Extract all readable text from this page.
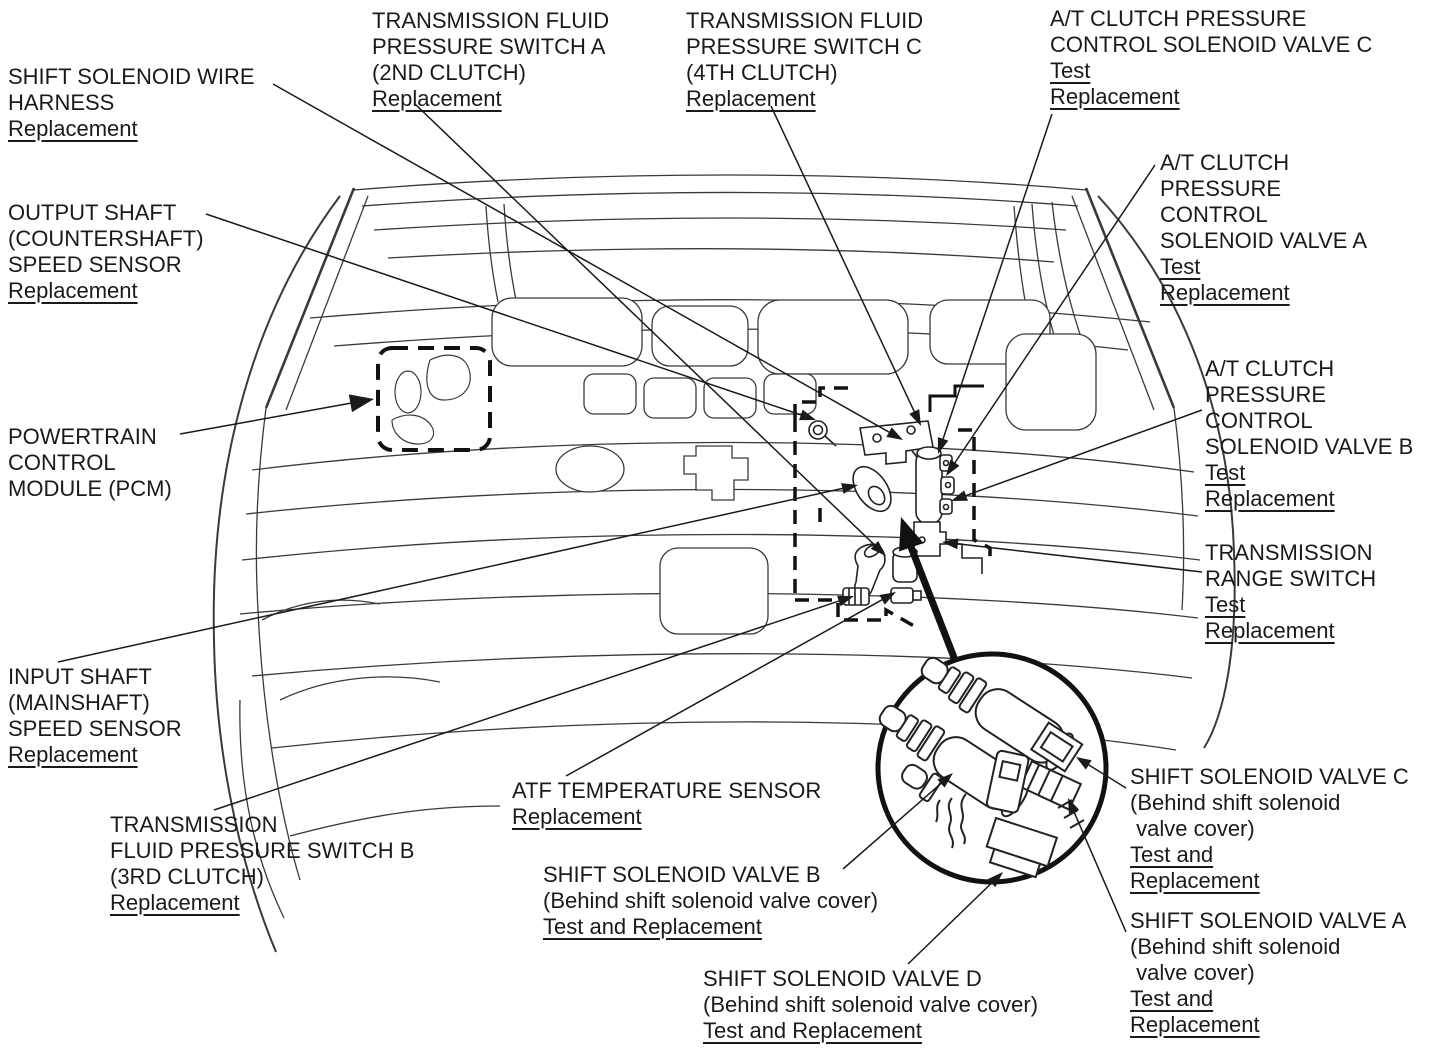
SHIFT SOLENOID WIRE
HARNESS
Replacement
TRANSMISSION FLUID
PRESSURE SWITCH A
(2ND CLUTCH)
Replacement
TRANSMISSION FLUID
PRESSURE SWITCH C
(4TH CLUTCH)
Replacement
A/T CLUTCH PRESSURE
CONTROL SOLENOID VALVE C
Test
Replacement
A/T CLUTCH
PRESSURE
CONTROL
SOLENOID VALVE A
Test
Replacement
A/T CLUTCH
PRESSURE
CONTROL
SOLENOID VALVE B
Test
Replacement
TRANSMISSION
RANGE SWITCH
Test
Replacement
OUTPUT SHAFT
(COUNTERSHAFT)
SPEED SENSOR
Replacement
POWERTRAIN
CONTROL
MODULE (PCM)
INPUT SHAFT
(MAINSHAFT)
SPEED SENSOR
Replacement
TRANSMISSION
FLUID PRESSURE SWITCH B
(3RD CLUTCH)
Replacement
ATF TEMPERATURE SENSOR
Replacement
SHIFT SOLENOID VALVE B
(Behind shift solenoid valve cover)
Test and Replacement
SHIFT SOLENOID VALVE D
(Behind shift solenoid valve cover)
Test and Replacement
SHIFT SOLENOID VALVE C
(Behind shift solenoid
valve cover)
Test and
Replacement
SHIFT SOLENOID VALVE A
(Behind shift solenoid
valve cover)
Test and
Replacement
